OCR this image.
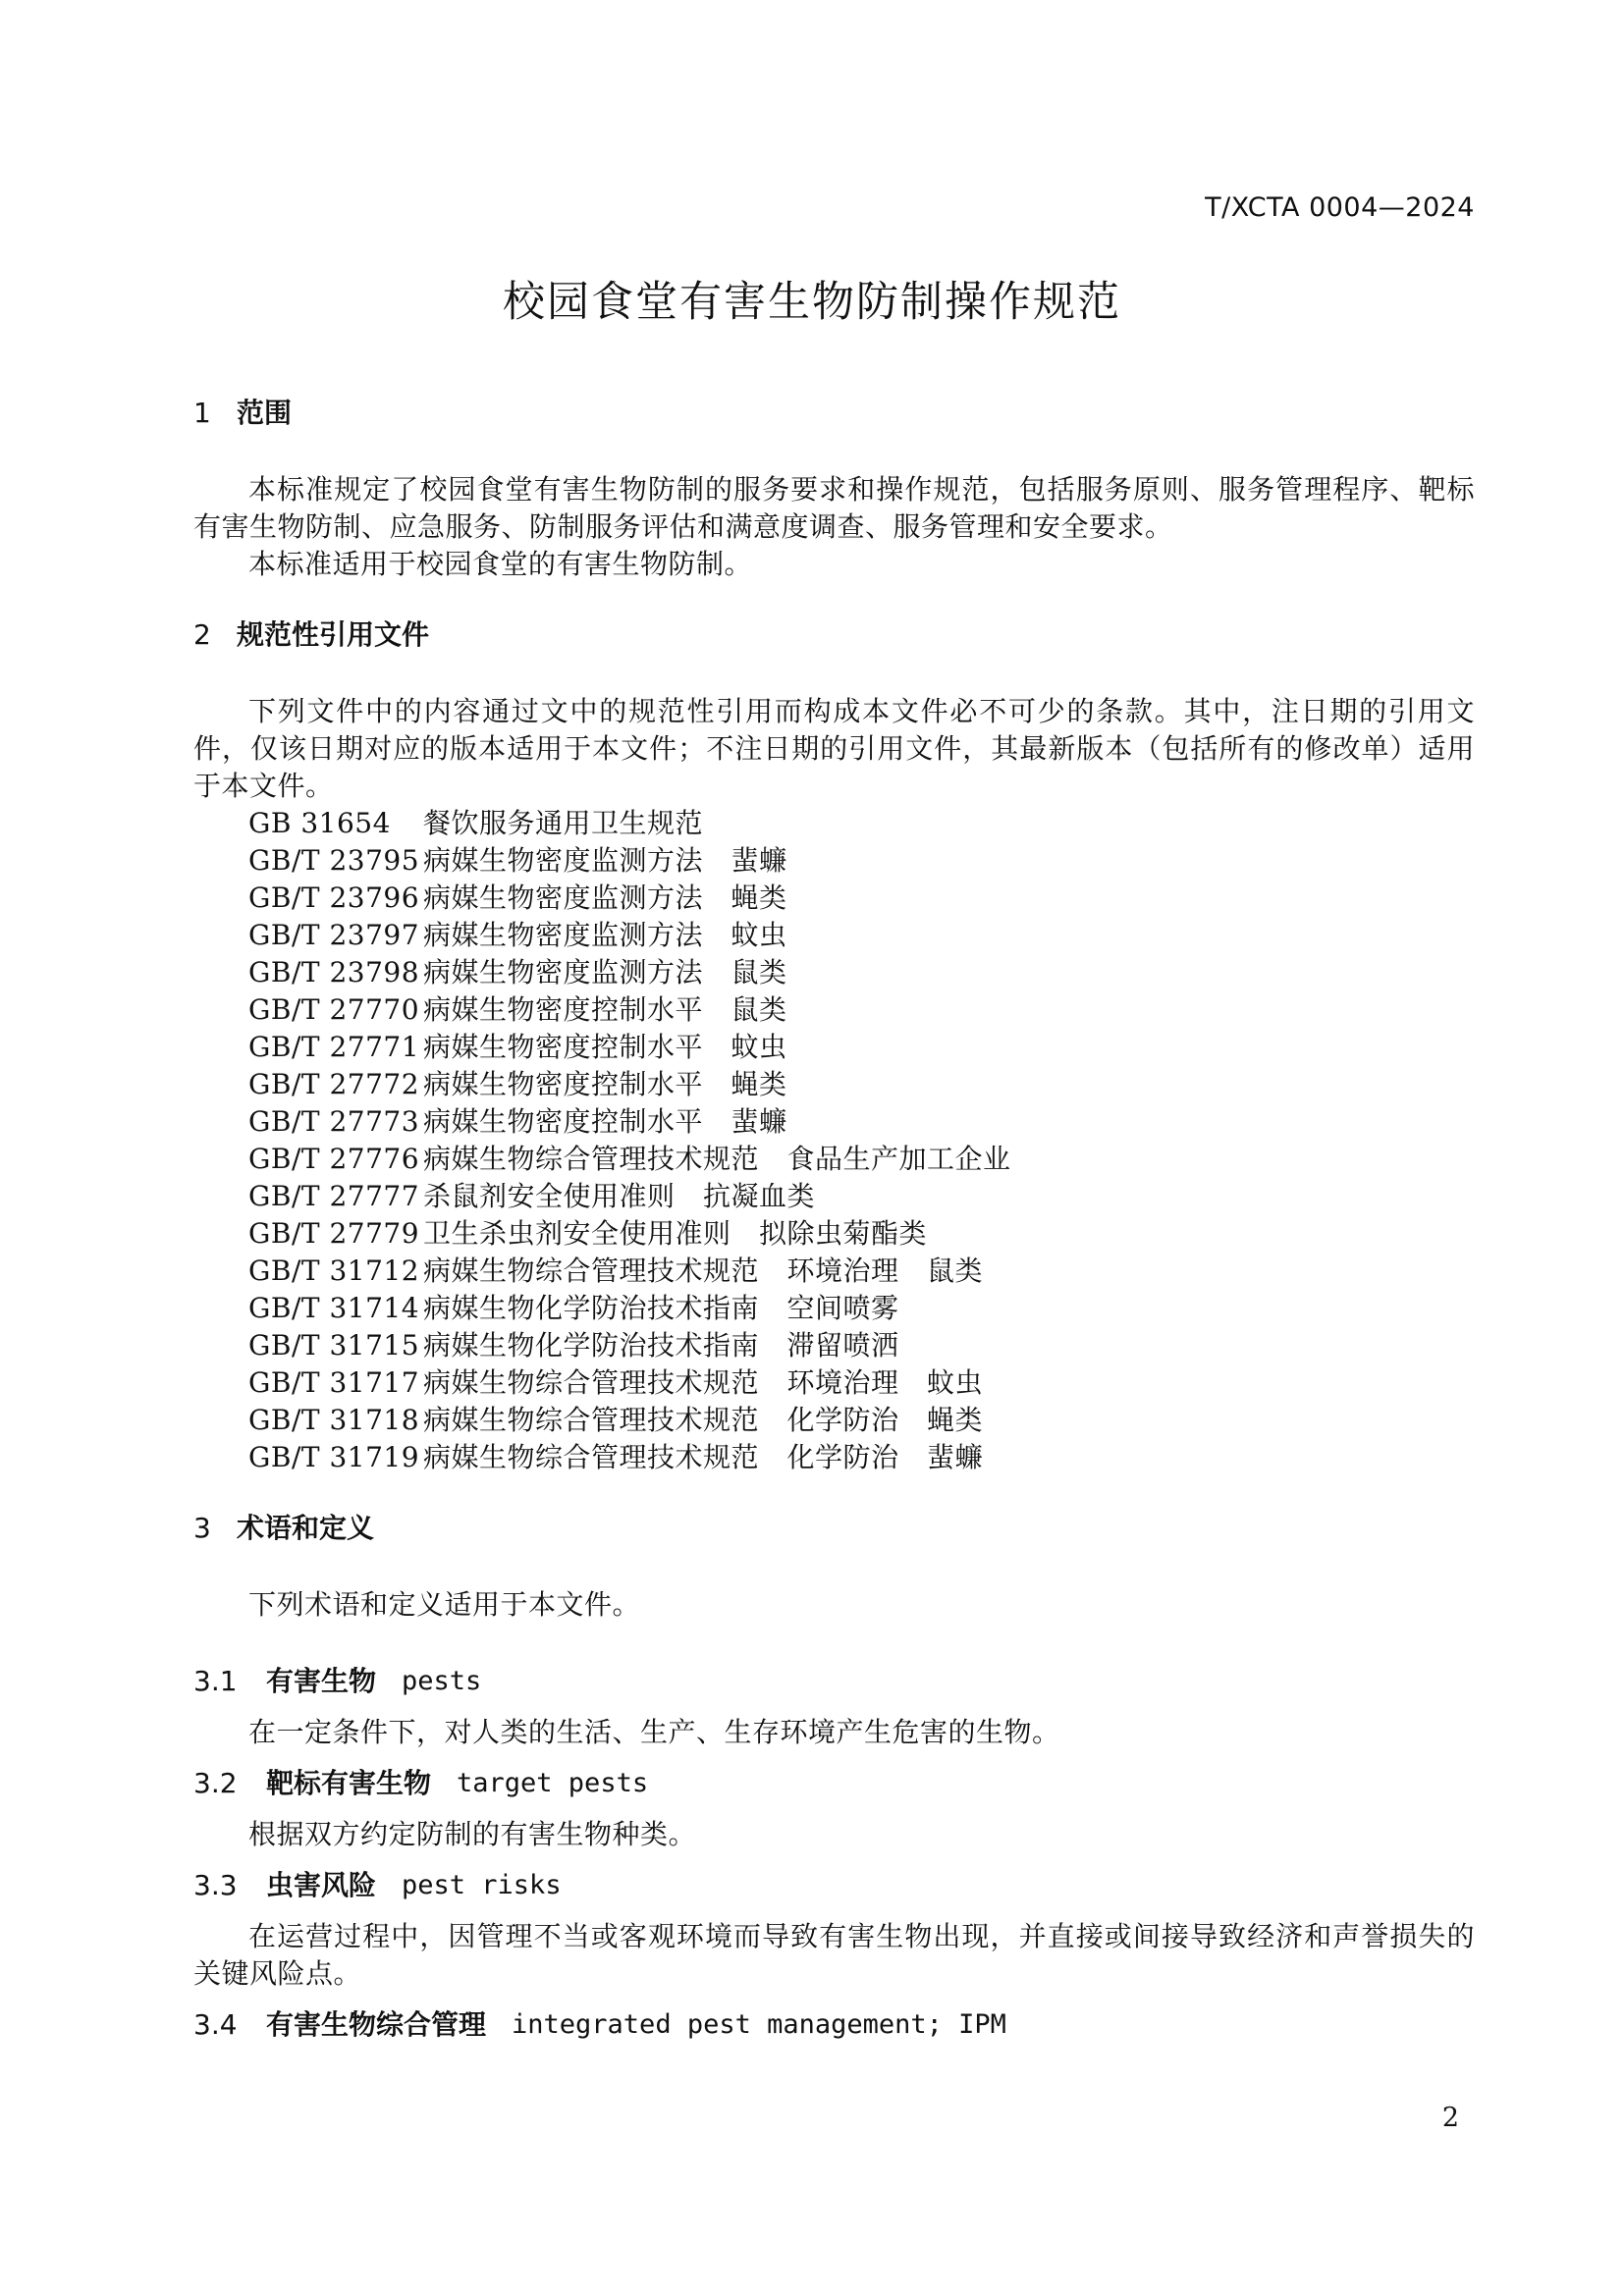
T/XCTA 0004—2024
校园食堂有害生物防制操作规范
1 范围

本标准规定了校园食堂有害生物防制的服务要求和操作规范，包括服务原则、服务管理程序、靶标有害生物防制、应急服务、防制服务评估和满意度调查、服务管理和安全要求。

本标准适用于校园食堂的有害生物防制。

2 规范性引用文件

下列文件中的内容通过文中的规范性引用而构成本文件必不可少的条款。其中，注日期的引用文件，仅该日期对应的版本适用于本文件；不注日期的引用文件，其最新版本（包括所有的修改单）适用于本文件。

GB 31654	餐饮服务通用卫生规范
GB/T 23795 病媒生物密度监测方法　蜚蠊
GB/T 23796 病媒生物密度监测方法　蝇类
GB/T 23797 病媒生物密度监测方法　蚊虫
GB/T 23798 病媒生物密度监测方法　鼠类
GB/T 27770 病媒生物密度控制水平　鼠类
GB/T 27771 病媒生物密度控制水平　蚊虫
GB/T 27772 病媒生物密度控制水平　蝇类
GB/T 27773 病媒生物密度控制水平　蜚蠊
GB/T 27776 病媒生物综合管理技术规范　食品生产加工企业
GB/T 27777 杀鼠剂安全使用准则　抗凝血类
GB/T 27779 卫生杀虫剂安全使用准则　拟除虫菊酯类
GB/T 31712 病媒生物综合管理技术规范　环境治理　鼠类
GB/T 31714 病媒生物化学防治技术指南　空间喷雾
GB/T 31715 病媒生物化学防治技术指南　滞留喷洒
GB/T 31717 病媒生物综合管理技术规范　环境治理　蚊虫
GB/T 31718 病媒生物综合管理技术规范　化学防治　蝇类
GB/T 31719 病媒生物综合管理技术规范　化学防治　蜚蠊
3 术语和定义

下列术语和定义适用于本文件。

3.1	有害生物 pests

在一定条件下，对人类的生活、生产、生存环境产生危害的生物。

3.2	靶标有害生物 target pests

根据双方约定防制的有害生物种类。

3.3	虫害风险 pest risks

在运营过程中，因管理不当或客观环境而导致有害生物出现，并直接或间接导致经济和声誉损失的关键风险点。

3.4	有害生物综合管理 integrated pest management; IPM
2
